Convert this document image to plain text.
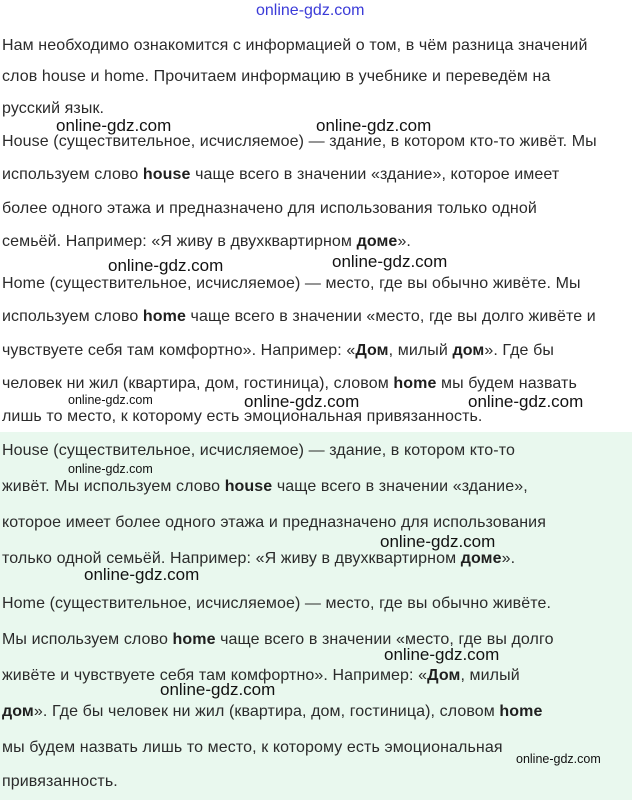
Нам необходимо ознакомится с информацией о том, в чём разница значений
слов house и home. Прочитаем информацию в учебнике и переведём на
русский язык.
House (существительное, исчисляемое) — здание, в котором кто-то живёт. Мы
используем слово house чаще всего в значении «здание», которое имеет
более одного этажа и предназначено для использования только одной
семьёй. Например: «Я живу в двухквартирном доме».
Home (существительное, исчисляемое) — место, где вы обычно живёте. Мы
используем слово home чаще всего в значении «место, где вы долго живёте и
чувствуете себя там комфортно». Например: «Дом, милый дом». Где бы
человек ни жил (квартира, дом, гостиница), словом home мы будем назвать
лишь то место, к которому есть эмоциональная привязанность.
House (существительное, исчисляемое) — здание, в котором кто-то
живёт. Мы используем слово house чаще всего в значении «здание»,
которое имеет более одного этажа и предназначено для использования
только одной семьёй. Например: «Я живу в двухквартирном доме».
Home (существительное, исчисляемое) — место, где вы обычно живёте.
Мы используем слово home чаще всего в значении «место, где вы долго
живёте и чувствуете себя там комфортно». Например: «Дом, милый
дом». Где бы человек ни жил (квартира, дом, гостиница), словом home
мы будем назвать лишь то место, к которому есть эмоциональная
привязанность.
online-gdz.com
online-gdz.com	online-gdz.com
online-gdz.com	online-gdz.com
online-gdz.com	online-gdz.com	online-gdz.com
online-gdz.com
online-gdz.com
online-gdz.com
online-gdz.com
online-gdz.com
online-gdz.com
